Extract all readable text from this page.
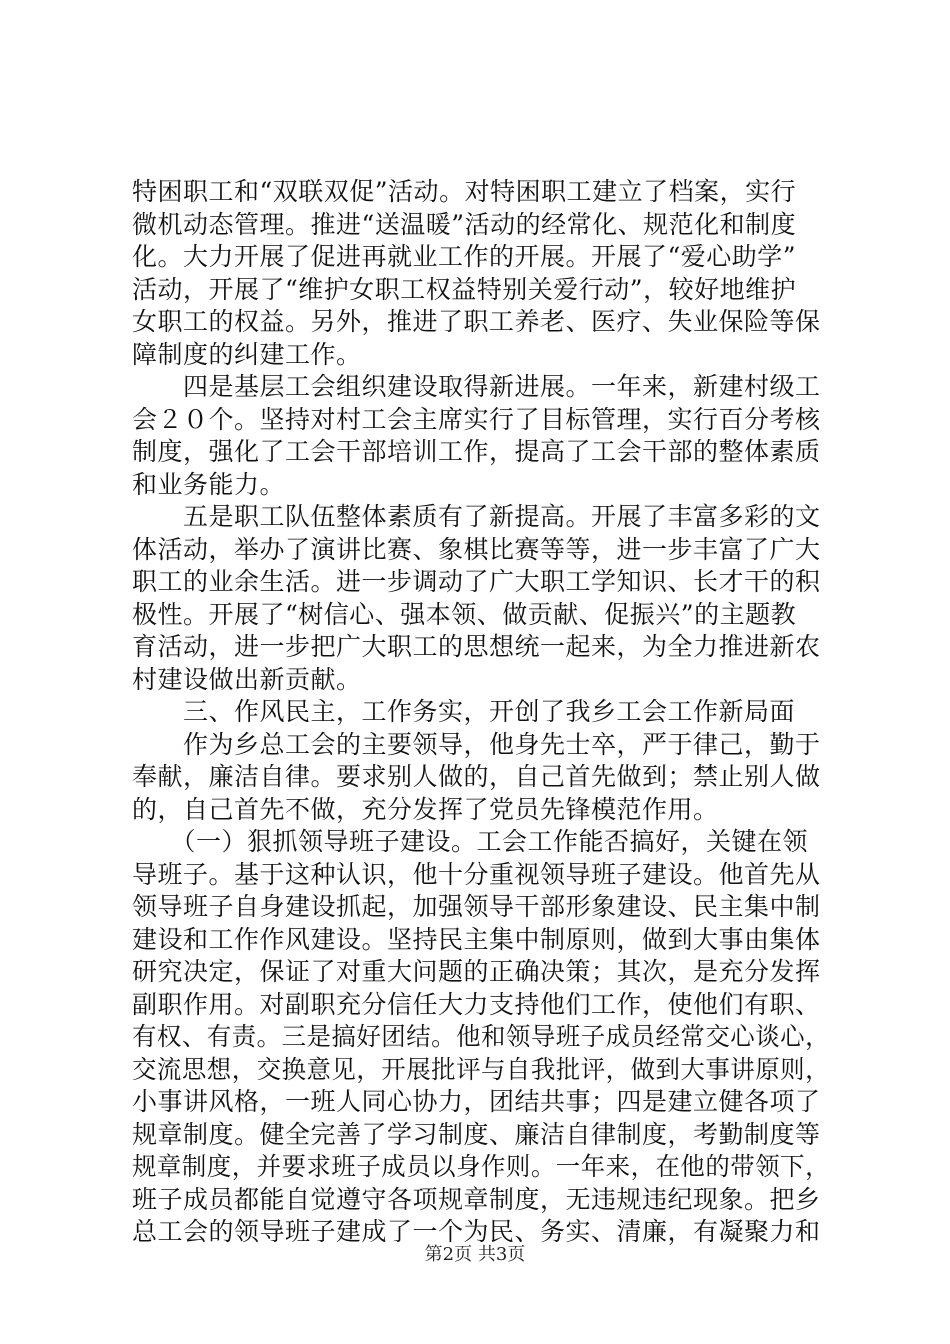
特困职工和“双联双促”活动。对特困职工建立了档案，实行
微机动态管理。推进“送温暖”活动的经常化、规范化和制度
化。大力开展了促进再就业工作的开展。开展了“爱心助学”
活动，开展了“维护女职工权益特别关爱行动”，较好地维护
女职工的权益。另外，推进了职工养老、医疗、失业保险等保
障制度的纠建工作。
　　四是基层工会组织建设取得新进展。一年来，新建村级工
会２０个。坚持对村工会主席实行了目标管理，实行百分考核
制度，强化了工会干部培训工作，提高了工会干部的整体素质
和业务能力。
　　五是职工队伍整体素质有了新提高。开展了丰富多彩的文
体活动，举办了演讲比赛、象棋比赛等等，进一步丰富了广大
职工的业余生活。进一步调动了广大职工学知识、长才干的积
极性。开展了“树信心、强本领、做贡献、促振兴”的主题教
育活动，进一步把广大职工的思想统一起来，为全力推进新农
村建设做出新贡献。
　　三、作风民主，工作务实，开创了我乡工会工作新局面
　　作为乡总工会的主要领导，他身先士卒，严于律己，勤于
奉献，廉洁自律。要求别人做的，自己首先做到；禁止别人做
的，自己首先不做，充分发挥了党员先锋模范作用。
　　（一）狠抓领导班子建设。工会工作能否搞好，关键在领
导班子。基于这种认识，他十分重视领导班子建设。他首先从
领导班子自身建设抓起，加强领导干部形象建设、民主集中制
建设和工作作风建设。坚持民主集中制原则，做到大事由集体
研究决定，保证了对重大问题的正确决策；其次，是充分发挥
副职作用。对副职充分信任大力支持他们工作，使他们有职、
有权、有责。三是搞好团结。他和领导班子成员经常交心谈心，
交流思想，交换意见，开展批评与自我批评，做到大事讲原则，
小事讲风格，一班人同心协力，团结共事；四是建立健各项了
规章制度。健全完善了学习制度、廉洁自律制度，考勤制度等
规章制度，并要求班子成员以身作则。一年来，在他的带领下，
班子成员都能自觉遵守各项规章制度，无违规违纪现象。把乡
总工会的领导班子建成了一个为民、务实、清廉，有凝聚力和
第2页 共3页
